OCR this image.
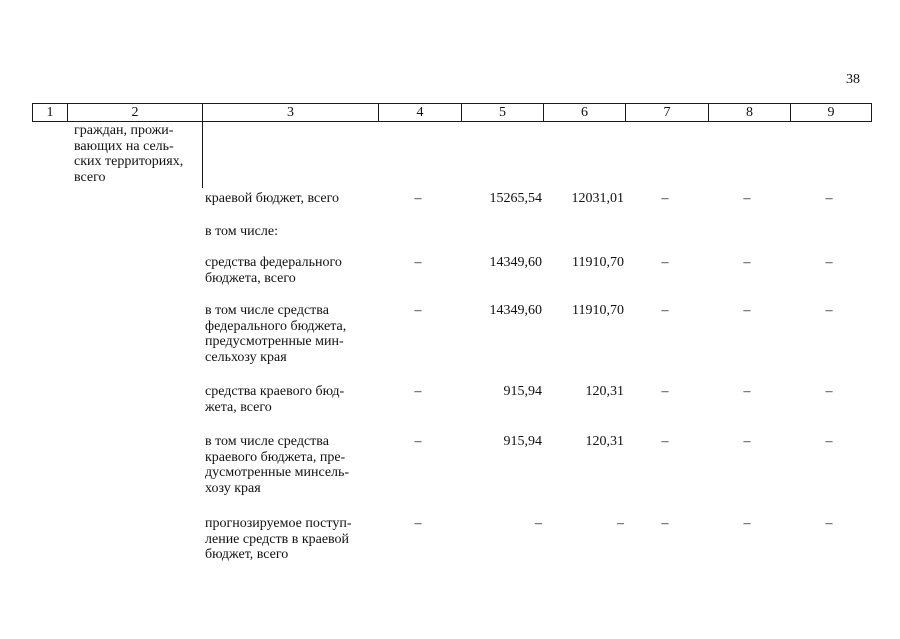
38
1	2	3	4	5	6	7	8	9
граждан, прожи-
вающих на сель-
ских территориях,
всего
краевой бюджет, всего	–	15265,54	12031,01	–	–	–
в том числе:
средства федерального
бюджета, всего
–	14349,60	11910,70	–	–	–
в том числе средства
федерального бюджета,
предусмотренные мин-
сельхозу края
–	14349,60	11910,70	–	–	–
средства краевого бюд-
жета, всего
–	915,94	120,31	–	–	–
в том числе средства
краевого бюджета, пре-
дусмотренные минсель-
хозу края
–	915,94	120,31	–	–	–
прогнозируемое поступ-
ление средств в краевой
бюджет, всего
–	–	–	–	–	–
